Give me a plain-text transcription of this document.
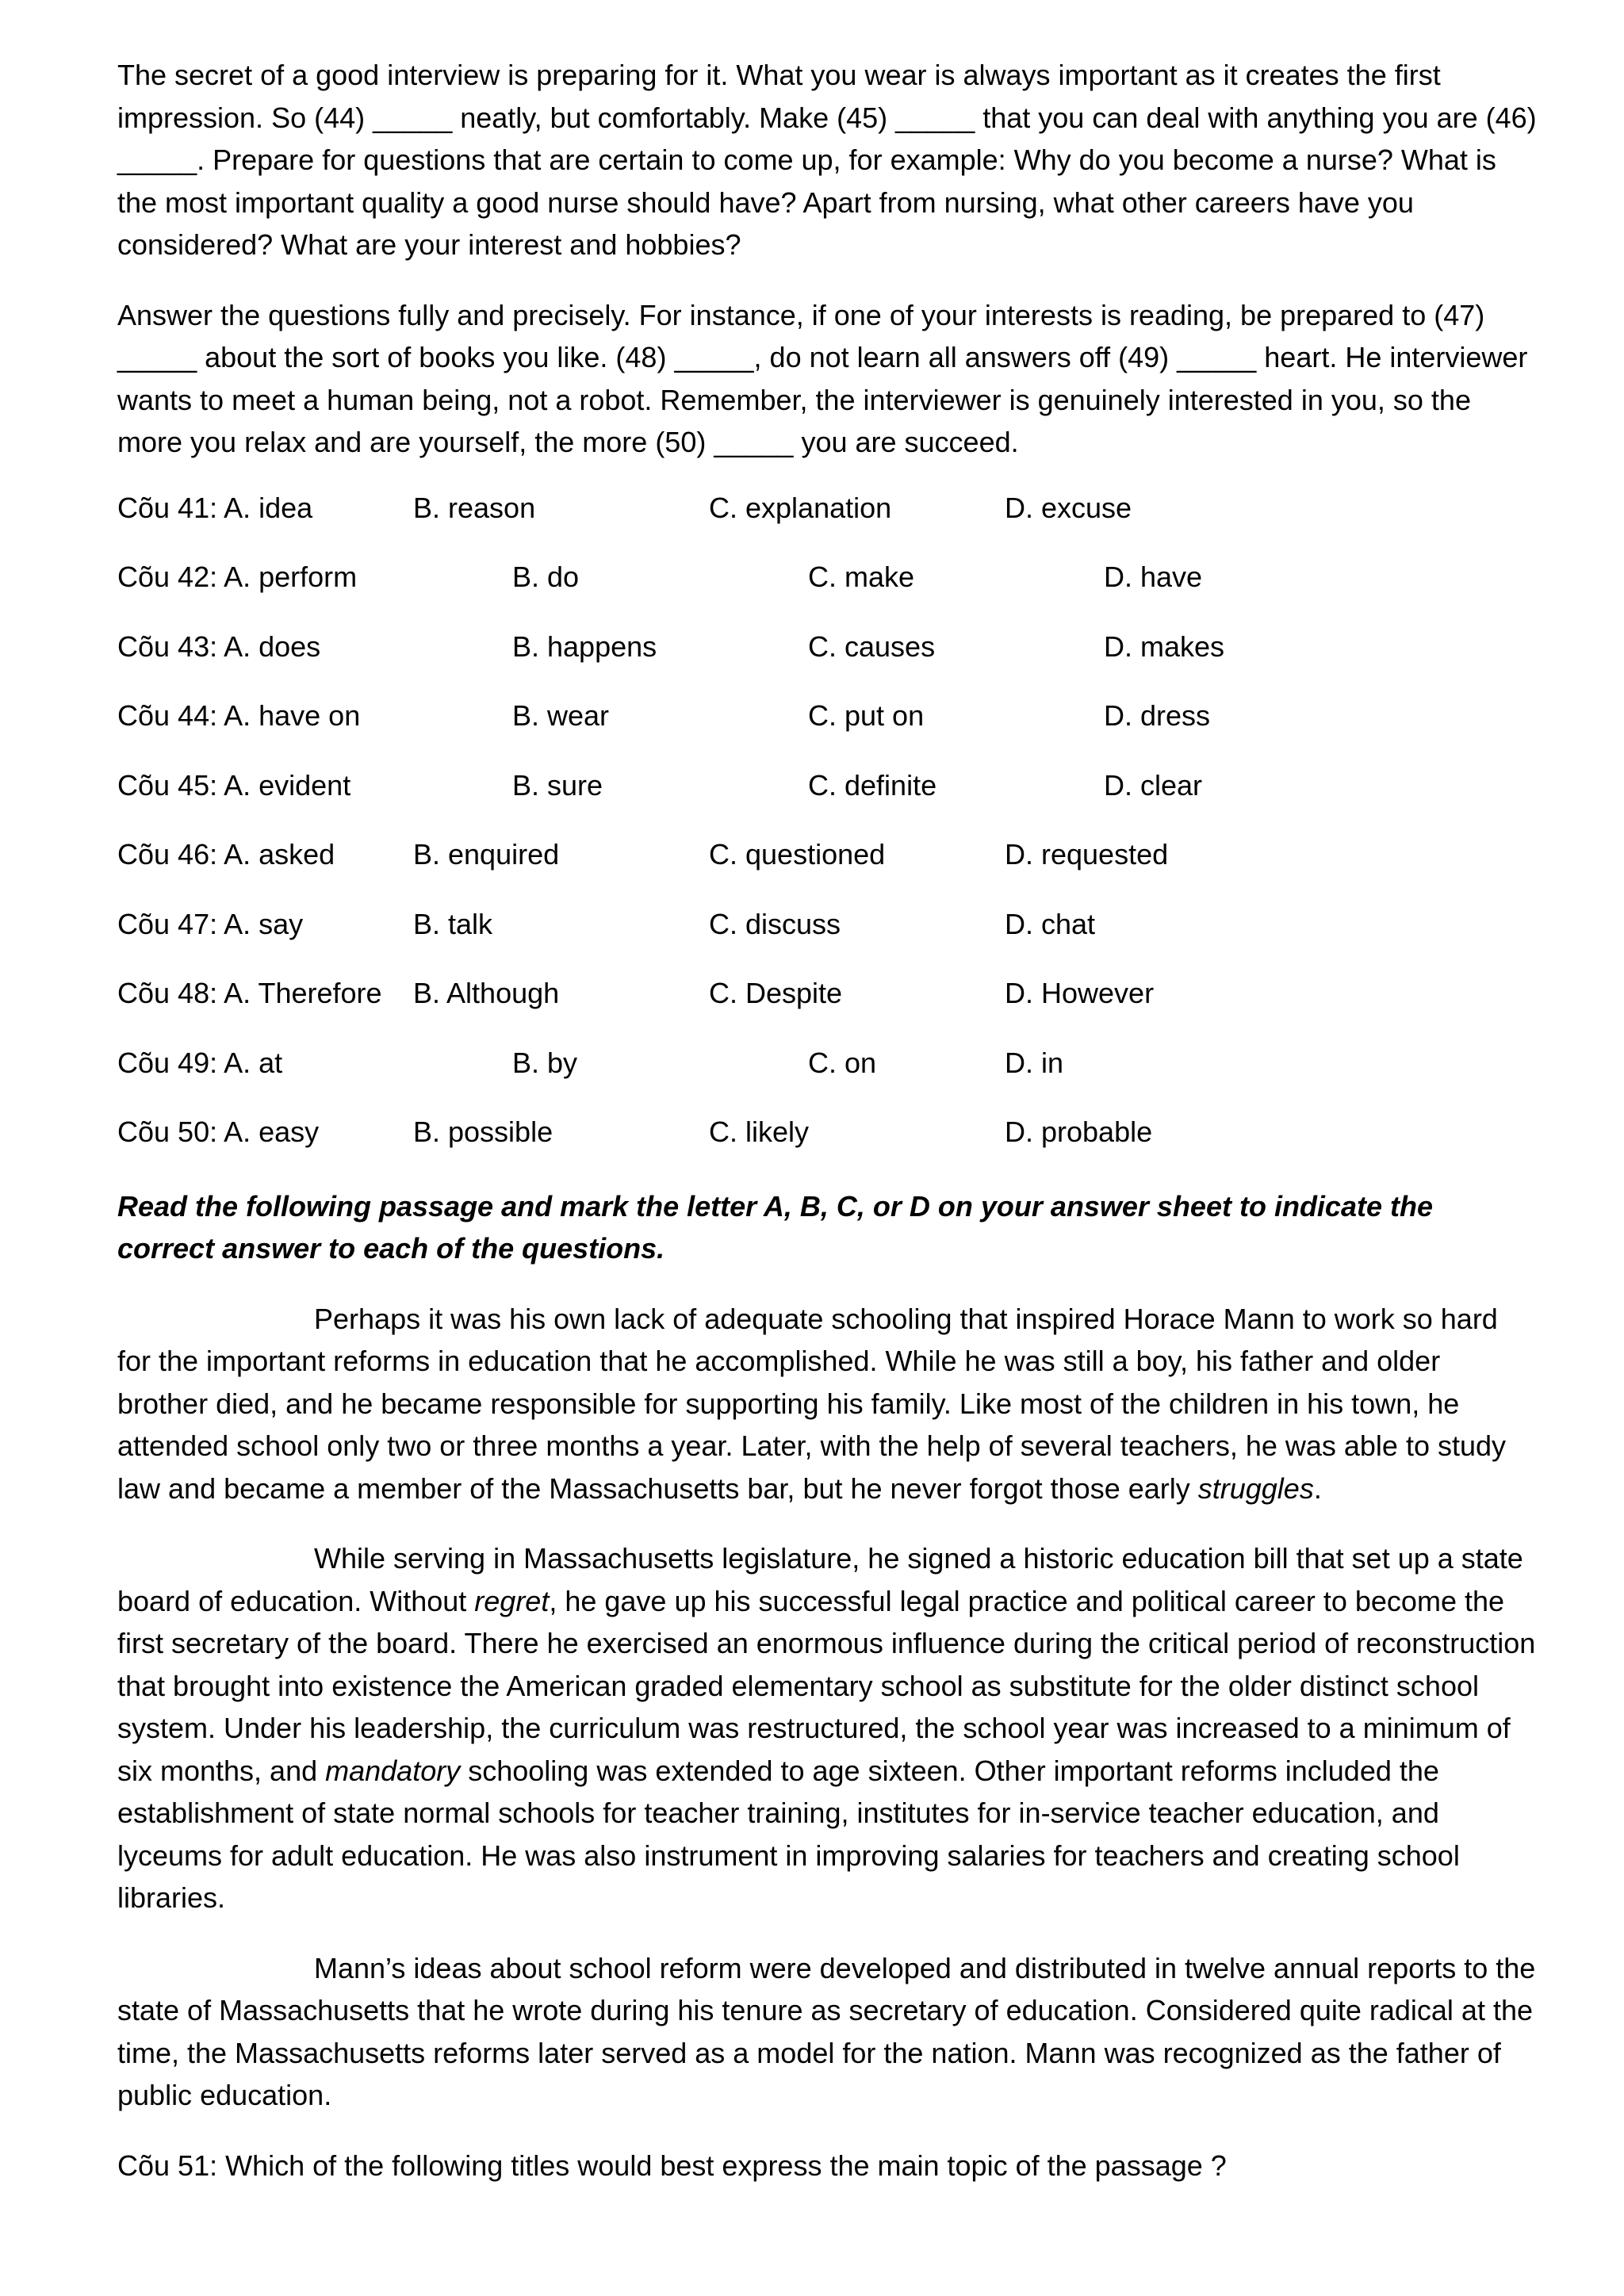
The secret of a good interview is preparing for it. What you wear is always important as it creates the first impression. So (44) _____ neatly, but comfortably. Make (45) _____ that you can deal with anything you are (46) _____. Prepare for questions that are certain to come up, for example: Why do you become a nurse? What is the most important quality a good nurse should have? Apart from nursing, what other careers have you considered? What are your interest and hobbies?

Answer the questions fully and precisely. For instance, if one of your interests is reading, be prepared to (47) _____ about the sort of books you like. (48) _____, do not learn all answers off (49) _____ heart. He interviewer wants to meet a human being, not a robot. Remember, the interviewer is genuinely interested in you, so the more you relax and are yourself, the more (50) _____ you are succeed.

Cõu 41: A. idea	B. reason	C. explanation	D. excuse
Cõu 42: A. perform	B. do	C. make	D. have
Cõu 43: A. does	B. happens	C. causes	D. makes
Cõu 44: A. have on	B. wear	C. put on	D. dress
Cõu 45: A. evident	B. sure	C. definite	D. clear
Cõu 46: A. asked	B. enquired	C. questioned	D. requested
Cõu 47: A. say	B. talk	C. discuss	D. chat
Cõu 48: A. Therefore B. Although	C. Despite	D. However
Cõu 49: A. at	B. by	C. on	D. in
Cõu 50: A. easy	B. possible	C. likely	D. probable

Read the following passage and mark the letter A, B, C, or D on your answer sheet to indicate the correct answer to each of the questions.

Perhaps it was his own lack of adequate schooling that inspired Horace Mann to work so hard for the important reforms in education that he accomplished. While he was still a boy, his father and older brother died, and he became responsible for supporting his family. Like most of the children in his town, he attended school only two or three months a year. Later, with the help of several teachers, he was able to study law and became a member of the Massachusetts bar, but he never forgot those early struggles.

While serving in Massachusetts legislature, he signed a historic education bill that set up a state board of education. Without regret, he gave up his successful legal practice and political career to become the first secretary of the board. There he exercised an enormous influence during the critical period of reconstruction that brought into existence the American graded elementary school as substitute for the older distinct school system. Under his leadership, the curriculum was restructured, the school year was increased to a minimum of six months, and mandatory schooling was extended to age sixteen. Other important reforms included the establishment of state normal schools for teacher training, institutes for in-service teacher education, and lyceums for adult education. He was also instrument in improving salaries for teachers and creating school libraries.

Mann’s ideas about school reform were developed and distributed in twelve annual reports to the state of Massachusetts that he wrote during his tenure as secretary of education. Considered quite radical at the time, the Massachusetts reforms later served as a model for the nation. Mann was recognized as the father of public education.

Cõu 51: Which of the following titles would best express the main topic of the passage ?
